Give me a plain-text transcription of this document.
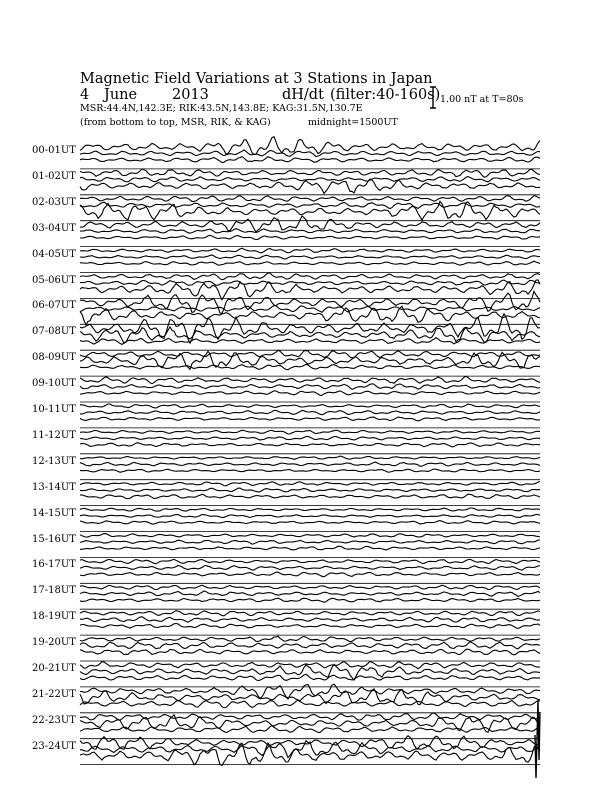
Magnetic Field Variations at 3 Stations in Japan
4 June 2013	dH/dt (filter:40-160s)
MSR:44.4N,142.3E; RIK:43.5N,143.8E; KAG:31.5N,130.7E
(from bottom to top, MSR, RIK, & KAG)	midnight=1500UT
1.00 nT at T=80s
00-01UT
01-02UT
02-03UT
03-04UT
04-05UT
05-06UT
06-07UT
07-08UT
08-09UT
09-10UT
10-11UT
11-12UT
12-13UT
13-14UT
14-15UT
15-16UT
16-17UT
17-18UT
18-19UT
19-20UT
20-21UT
21-22UT
22-23UT
23-24UT
